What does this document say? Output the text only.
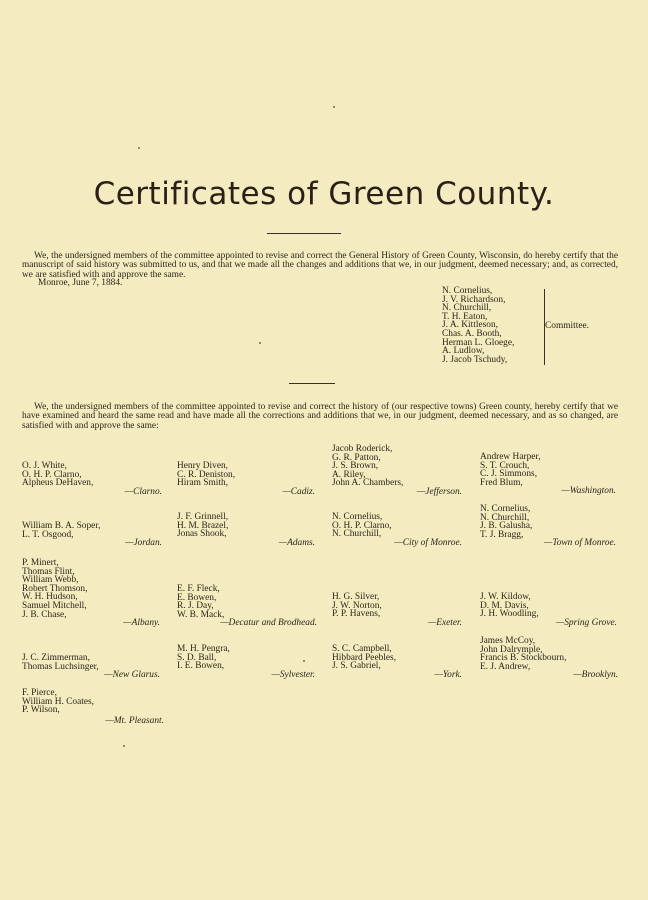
Certificates of Green County.

We, the undersigned members of the committee appointed to revise and correct the General History of Green County, Wisconsin, do hereby certify that the manuscript of said history was submitted to us, and that we made all the changes and additions that we, in our judgment, deemed necessary; and, as corrected, we are satisfied with and approve the same.

Monroe, June 7, 1884.
N. Cornelius,
J. V. Richardson,
N. Churchill,
T. H. Eaton,
J. A. Kittleson,
Chas. A. Booth,
Herman L. Gloege,
A. Ludlow,
J. Jacob Tschudy,
Committee.

We, the undersigned members of the committee appointed to revise and correct the history of (our respective towns) Green county, hereby certify that we have examined and heard the same read and have made all the corrections and additions that we, in our judgment, deemed necessary, and as so changed, are satisfied with and approve the same:

O. J. White,
O. H. P. Clarno,
Alpheus DeHaven,
—Clarno.
Henry Diven,
C. R. Deniston,
Hiram Smith,
—Cadiz.
Jacob Roderick,
G. R. Patton,
J. S. Brown,
A. Riley,
John A. Chambers,
—Jefferson.
Andrew Harper,
S. T. Crouch,
C. J. Simmons,
Fred Blum,
—Washington.
William B. A. Soper,
L. T. Osgood,
—Jordan.
J. F. Grinnell,
H. M. Brazel,
Jonas Shook,
—Adams.
N. Cornelius,
O. H. P. Clarno,
N. Churchill,
—City of Monroe.
N. Cornelius,
N. Churchill,
J. B. Galusha,
T. J. Bragg,
—Town of Monroe.
P. Minert,
Thomas Flint,
William Webb,
Robert Thomson,
W. H. Hudson,
Samuel Mitchell,
J. B. Chase,
—Albany.
E. F. Fleck,
E. Bowen,
R. J. Day,
W. B. Mack,
—Decatur and Brodhead.
H. G. Silver,
J. W. Norton,
P. P. Havens,
—Exeter.
J. W. Kildow,
D. M. Davis,
J. H. Woodling,
—Spring Grove.
J. C. Zimmerman,
Thomas Luchsinger,
—New Glarus.
M. H. Pengra,
S. D. Ball,
I. E. Bowen,
—Sylvester.
S. C. Campbell,
Hibbard Peebles,
J. S. Gabriel,
—York.
James McCoy,
John Dalrymple,
Francis B. Stockbourn,
E. J. Andrew,
—Brooklyn.
F. Pierce,
William H. Coates,
P. Wilson,
—Mt. Pleasant.
